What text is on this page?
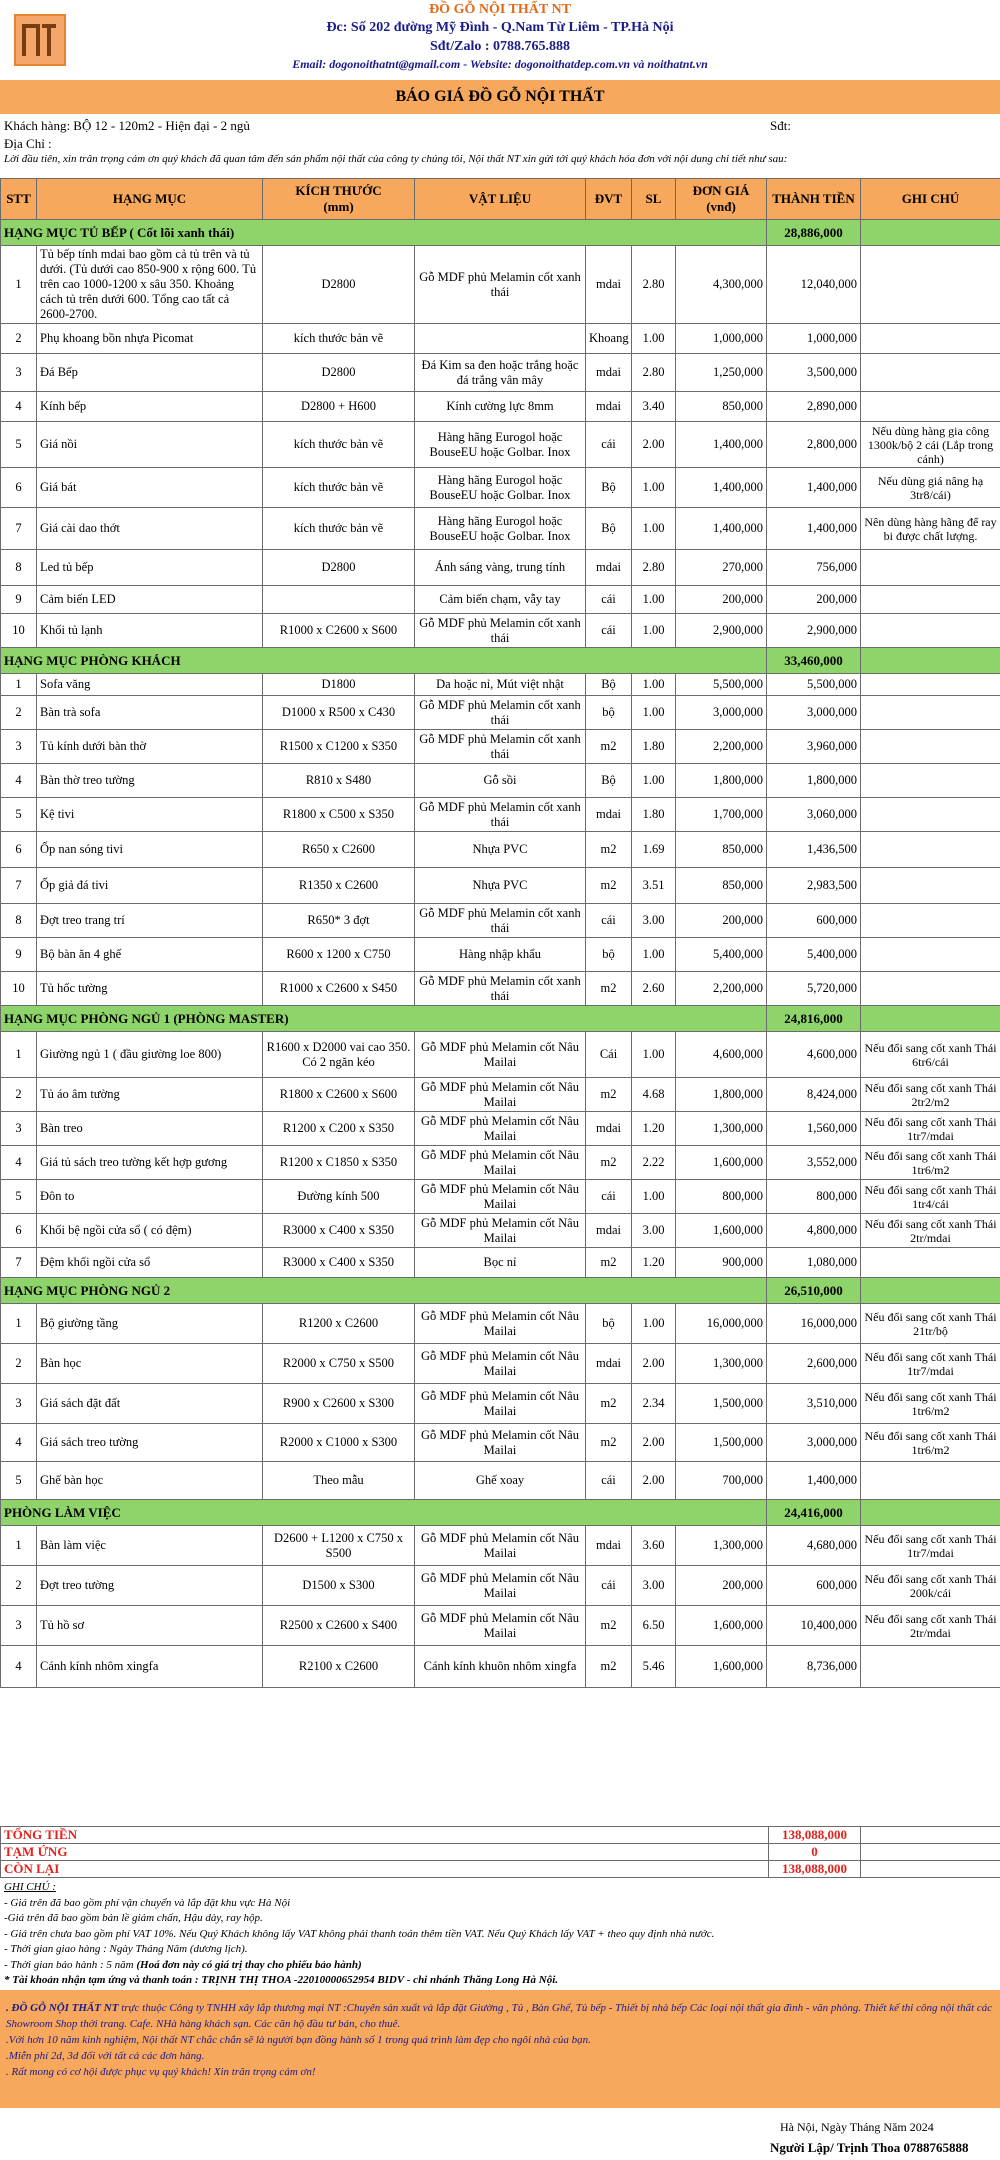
ĐỒ GỖ NỘI THẤT NT
Đc: Số 202 đường Mỹ Đình - Q.Nam Từ Liêm - TP.Hà Nội
Sđt/Zalo : 0788.765.888
Email: dogonoithatnt@gmail.com - Website: dogonoithatdep.com.vn và noithatnt.vn
BÁO GIÁ ĐỒ GỖ NỘI THẤT
Khách hàng: BỘ 12 - 120m2 - Hiện đại - 2 ngủ	Sđt:
Địa Chỉ :
Lời đầu tiên, xin trân trọng cảm ơn quý khách đã quan tâm đến sản phẩm nội thất của công ty chúng tôi, Nội thất NT xin gửi tới quý khách hóa đơn với nội dung chi tiết như sau:
STT	HẠNG MỤC	KÍCH THƯỚC
(mm)	VẬT LIỆU	ĐVT	SL	ĐƠN GIÁ
(vnđ)	THÀNH TIỀN	GHI CHÚ
HẠNG MỤC TỦ BẾP ( Cốt lõi xanh thái)							28,886,000	
1	Tủ bếp tính mdai bao gồm cả tủ trên và tủ dưới. (Tủ dưới cao 850-900 x rộng 600. Tủ trên cao 1000-1200 x sâu 350. Khoảng cách tủ trên dưới 600. Tổng cao tất cả 2600-2700.	D2800	Gỗ MDF phủ Melamin cốt xanh thái	mdai	2.80	4,300,000	12,040,000	
2	Phụ khoang bồn nhựa Picomat	kích thước bản vẽ		Khoang	1.00	1,000,000	1,000,000	
3	Đá Bếp	D2800	Đá Kim sa đen hoặc trắng hoặc đá trắng vân mây	mdai	2.80	1,250,000	3,500,000	
4	Kính bếp	D2800 + H600	Kính cường lực 8mm	mdai	3.40	850,000	2,890,000	
5	Giá nồi	kích thước bản vẽ	Hàng hãng Eurogol hoặc BouseEU hoặc Golbar. Inox	cái	2.00	1,400,000	2,800,000	Nếu dùng hàng gia công 1300k/bộ 2 cái (Lắp trong cánh)
6	Giá bát	kích thước bản vẽ	Hàng hãng Eurogol hoặc BouseEU hoặc Golbar. Inox	Bộ	1.00	1,400,000	1,400,000	Nếu dùng giá nâng hạ 3tr8/cái)
7	Giá cài dao thớt	kích thước bản vẽ	Hàng hãng Eurogol hoặc BouseEU hoặc Golbar. Inox	Bộ	1.00	1,400,000	1,400,000	Nên dùng hàng hãng để ray bi được chất lượng.
8	Led tủ bếp	D2800	Ánh sáng vàng, trung tính	mdai	2.80	270,000	756,000	
9	Cảm biến LED		Cảm biến chạm, vẫy tay	cái	1.00	200,000	200,000	
10	Khối tủ lạnh	R1000 x C2600 x S600	Gỗ MDF phủ Melamin cốt xanh thái	cái	1.00	2,900,000	2,900,000	
HẠNG MỤC PHÒNG KHÁCH							33,460,000	
1	Sofa văng	D1800	Da hoặc nỉ, Mút việt nhật	Bộ	1.00	5,500,000	5,500,000	
2	Bàn trà sofa	D1000 x R500 x C430	Gỗ MDF phủ Melamin cốt xanh thái	bộ	1.00	3,000,000	3,000,000	
3	Tủ kính dưới bàn thờ	R1500 x C1200 x S350	Gỗ MDF phủ Melamin cốt xanh thái	m2	1.80	2,200,000	3,960,000	
4	Bàn thờ treo tường	R810 x S480	Gỗ sồi	Bộ	1.00	1,800,000	1,800,000	
5	Kệ tivi	R1800 x C500 x S350	Gỗ MDF phủ Melamin cốt xanh thái	mdai	1.80	1,700,000	3,060,000	
6	Ốp nan sóng tivi	R650 x C2600	Nhựa PVC	m2	1.69	850,000	1,436,500	
7	Ốp giả đá tivi	R1350 x C2600	Nhựa PVC	m2	3.51	850,000	2,983,500	
8	Đợt treo trang trí	R650* 3 đợt	Gỗ MDF phủ Melamin cốt xanh thái	cái	3.00	200,000	600,000	
9	Bộ bàn ăn 4 ghế	R600 x 1200 x C750	Hàng nhập khẩu	bộ	1.00	5,400,000	5,400,000	
10	Tủ hốc tường	R1000 x C2600 x S450	Gỗ MDF phủ Melamin cốt xanh thái	m2	2.60	2,200,000	5,720,000	
HẠNG MỤC PHÒNG NGỦ 1 (PHÒNG MASTER)							24,816,000	
1	Giường ngủ 1 ( đầu giường loe 800)	R1600 x D2000 vai cao 350. Có 2 ngăn kéo	Gỗ MDF phủ Melamin cốt Nâu Mailai	Cái	1.00	4,600,000	4,600,000	Nếu đổi sang cốt xanh Thái 6tr6/cái
2	Tủ áo âm tường	R1800 x C2600 x S600	Gỗ MDF phủ Melamin cốt Nâu Mailai	m2	4.68	1,800,000	8,424,000	Nếu đổi sang cốt xanh Thái 2tr2/m2
3	Bàn treo	R1200 x C200 x S350	Gỗ MDF phủ Melamin cốt Nâu Mailai	mdai	1.20	1,300,000	1,560,000	Nếu đổi sang cốt xanh Thái 1tr7/mdai
4	Giá tủ sách treo tường kết hợp gương	R1200 x C1850 x S350	Gỗ MDF phủ Melamin cốt Nâu Mailai	m2	2.22	1,600,000	3,552,000	Nếu đổi sang cốt xanh Thái 1tr6/m2
5	Đôn to	Đường kính 500	Gỗ MDF phủ Melamin cốt Nâu Mailai	cái	1.00	800,000	800,000	Nếu đổi sang cốt xanh Thái 1tr4/cái
6	Khối bệ ngồi cửa sổ ( có đệm)	R3000 x C400 x S350	Gỗ MDF phủ Melamin cốt Nâu Mailai	mdai	3.00	1,600,000	4,800,000	Nếu đổi sang cốt xanh Thái 2tr/mdai
7	Đệm khối ngồi cửa sổ	R3000 x C400 x S350	Bọc nỉ	m2	1.20	900,000	1,080,000	
HẠNG MỤC PHÒNG NGỦ 2							26,510,000	
1	Bộ giường tầng	R1200 x C2600	Gỗ MDF phủ Melamin cốt Nâu Mailai	bộ	1.00	16,000,000	16,000,000	Nếu đổi sang cốt xanh Thái 21tr/bộ
2	Bàn học	R2000 x C750 x S500	Gỗ MDF phủ Melamin cốt Nâu Mailai	mdai	2.00	1,300,000	2,600,000	Nếu đổi sang cốt xanh Thái 1tr7/mdai
3	Giá sách đặt đất	R900 x C2600 x S300	Gỗ MDF phủ Melamin cốt Nâu Mailai	m2	2.34	1,500,000	3,510,000	Nếu đổi sang cốt xanh Thái 1tr6/m2
4	Giá sách treo tường	R2000 x C1000 x S300	Gỗ MDF phủ Melamin cốt Nâu Mailai	m2	2.00	1,500,000	3,000,000	Nếu đổi sang cốt xanh Thái 1tr6/m2
5	Ghế bàn học	Theo mẫu	Ghế xoay	cái	2.00	700,000	1,400,000	
PHÒNG LÀM VIỆC							24,416,000	
1	Bàn làm việc	D2600 + L1200 x C750 x S500	Gỗ MDF phủ Melamin cốt Nâu Mailai	mdai	3.60	1,300,000	4,680,000	Nếu đổi sang cốt xanh Thái 1tr7/mdai
2	Đợt treo tường	D1500 x S300	Gỗ MDF phủ Melamin cốt Nâu Mailai	cái	3.00	200,000	600,000	Nếu đổi sang cốt xanh Thái 200k/cái
3	Tủ hồ sơ	R2500 x C2600 x S400	Gỗ MDF phủ Melamin cốt Nâu Mailai	m2	6.50	1,600,000	10,400,000	Nếu đổi sang cốt xanh Thái 2tr/mdai
4	Cánh kính nhôm xingfa	R2100 x C2600	Cánh kính khuôn nhôm xingfa	m2	5.46	1,600,000	8,736,000	
TỔNG TIỀN	138,088,000	
TẠM ỨNG	0	
CÒN LẠI	138,088,000	
GHI CHÚ :
- Giá trên đã bao gồm phí vận chuyển và lắp đặt khu vực Hà Nội
-Giá trên đã bao gồm bản lề giảm chấn, Hậu dày, ray hộp.
- Giá trên chưa bao gồm phí VAT 10%. Nếu Quý Khách không lấy VAT không phải thanh toán thêm tiền VAT. Nếu Quý Khách lấy VAT + theo quy định nhà nước.
- Thời gian giao hàng : Ngày Tháng Năm (dương lịch).
- Thời gian bảo hành : 5 năm (Hoá đơn này có giá trị thay cho phiếu bảo hành)
* Tài khoản nhận tạm ứng và thanh toán : TRỊNH THỊ THOA -22010000652954 BIDV - chi nhánh Thăng Long Hà Nội.
. ĐỒ GỖ NỘI THẤT NT trực thuộc Công ty TNHH xây lắp thương mại NT :Chuyên sản xuất và lắp đặt Giường , Tủ , Bàn Ghế, Tủ bếp - Thiết bị nhà bếp Các loại nội thất gia đình - văn phòng. Thiết kế thi công nội thất các Showroom Shop thời trang. Cafe. NHà hàng khách sạn. Các căn hộ đầu tư bán, cho thuê.
.Với hơn 10 năm kinh nghiệm, Nội thất NT chắc chắn sẽ là người bạn đồng hành số 1 trong quá trình làm đẹp cho ngôi nhà của bạn.
.Miễn phí 2d, 3d đối với tất cả các đơn hàng.
. Rất mong có cơ hội được phục vụ quý khách! Xin trân trọng cảm ơn!
Hà Nội, Ngày Tháng Năm 2024
Người Lập/ Trịnh Thoa 0788765888
